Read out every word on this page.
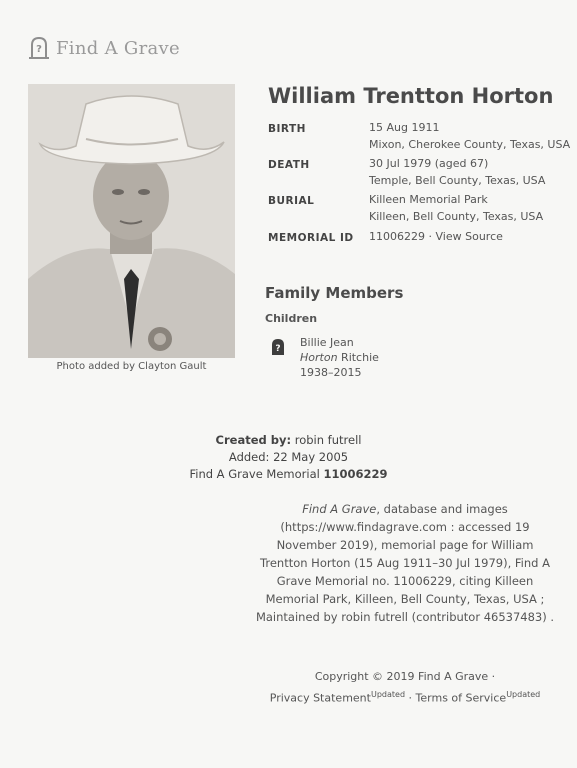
? Find A Grave
Photo added by Clayton Gault
William Trentton Horton
BIRTH	15 Aug 1911
Mixon, Cherokee County, Texas, USA
DEATH	30 Jul 1979 (aged 67)
Temple, Bell County, Texas, USA
BURIAL	Killeen Memorial Park
Killeen, Bell County, Texas, USA
MEMORIAL ID 11006229 · View Source
Family Members
Children
? Billie Jean
Horton Ritchie
1938–2015
Created by: robin futrell
Added: 22 May 2005
Find A Grave Memorial 11006229
Find A Grave, database and images (https://www.findagrave.com : accessed 19 November 2019), memorial page for William Trentton Horton (15 Aug 1911–30 Jul 1979), Find A Grave Memorial no. 11006229, citing Killeen Memorial Park, Killeen, Bell County, Texas, USA ; Maintained by robin futrell (contributor 46537483) .
Copyright © 2019 Find A Grave ·
Privacy Statement$^{Updated}$ · Terms of Service$^{Updated}$
